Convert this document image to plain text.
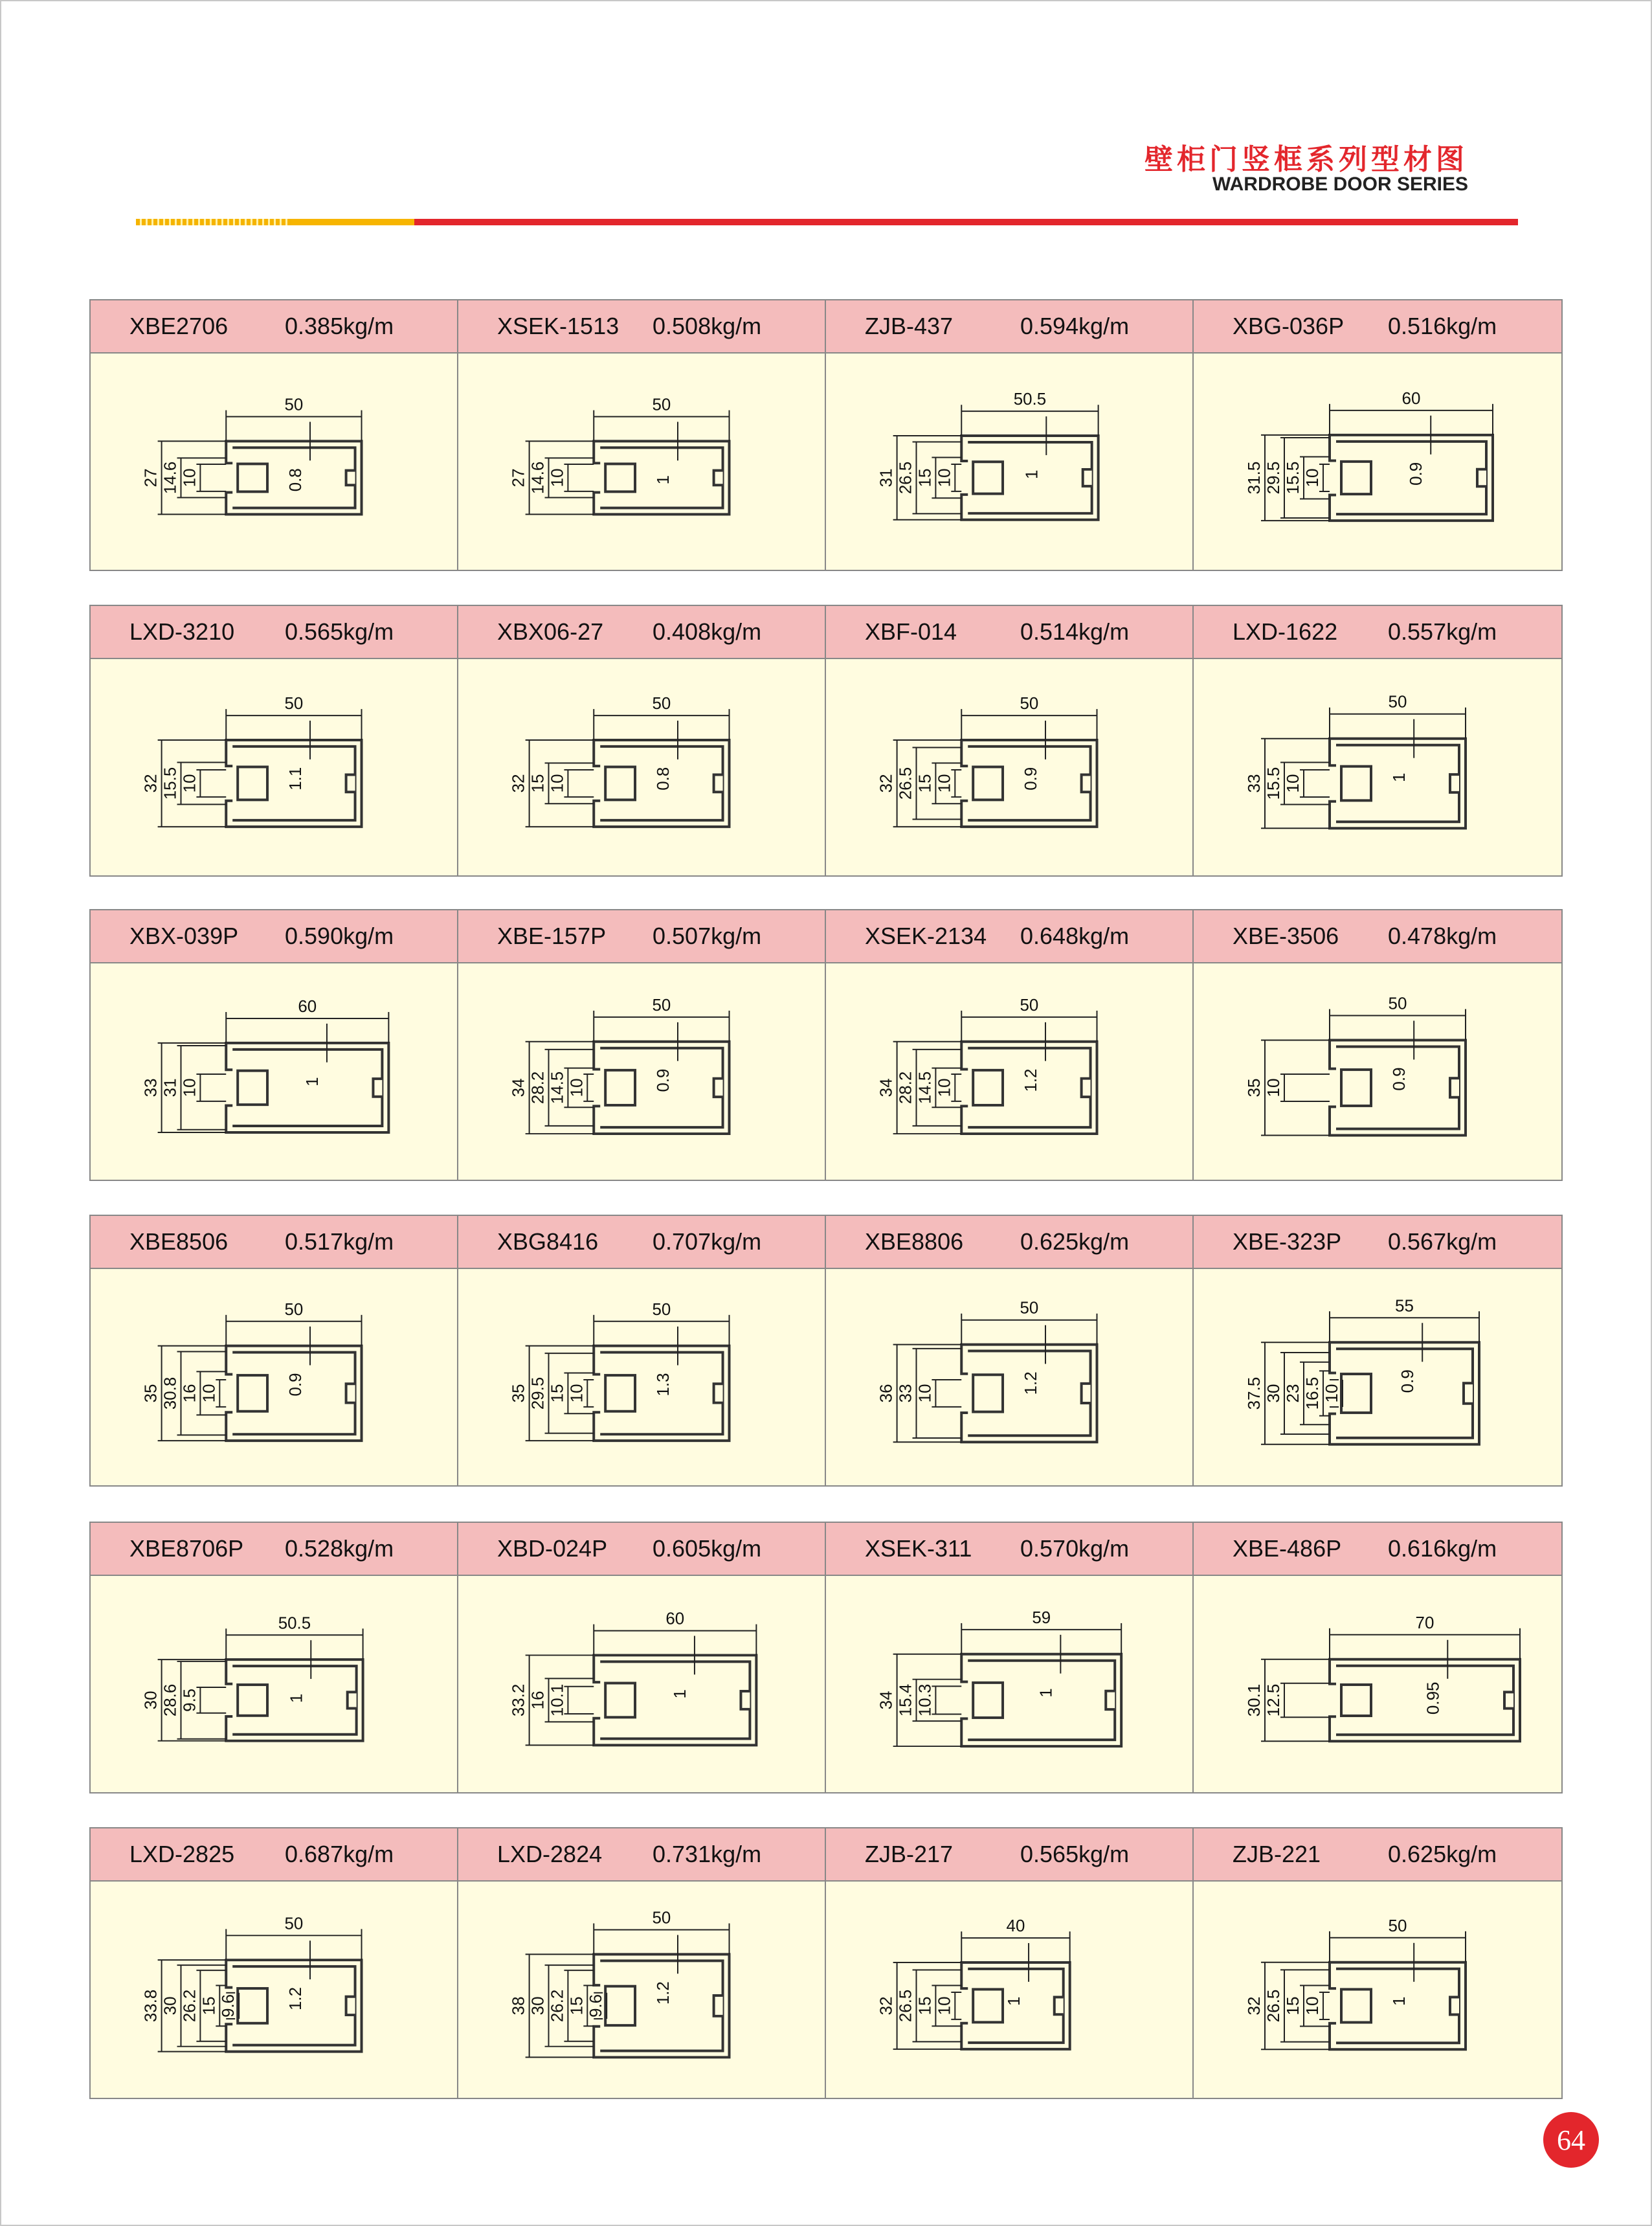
壁柜门竖框系列型材图
WARDROBE DOOR SERIES
XBE2706	0.385kg/m
50
0.8
27 14.6 10
XSEK-1513	0.508kg/m
50
1
27 14.6 10
ZJB-437	0.594kg/m
50.5
1
31 26.5 15 10
XBG-036P	0.516kg/m
60
0.9
31.5 29.5 15.5 10
LXD-3210	0.565kg/m
50
1.1
32 15.5 10
XBX06-27	0.408kg/m
50
0.8
32 15 10
XBF-014	0.514kg/m
50
0.9
32 26.5 15 10
LXD-1622	0.557kg/m
50
1
33 15.5 10
XBX-039P	0.590kg/m
60
1
33 31 10
XBE-157P	0.507kg/m
50
0.9
34 28.2 14.5 10
XSEK-2134	0.648kg/m
50
1.2
34 28.2 14.5 10
XBE-3506	0.478kg/m
50
0.9
35 10
XBE8506	0.517kg/m
50
0.9
35 30.8 16 10
XBG8416	0.707kg/m
50
1.3
35 29.5 15 10
XBE8806	0.625kg/m
50
1.2
36 33 10
XBE-323P	0.567kg/m
55
0.9
37.5 30 23 16.5 10
XBE8706P	0.528kg/m
50.5
1
30 28.6 9.5
XBD-024P	0.605kg/m
60
1
33.2 16 10.1
XSEK-311	0.570kg/m
59
1
34 15.4 10.3
XBE-486P	0.616kg/m
70
0.95
30.1 12.5
LXD-2825	0.687kg/m
50
1.2
33.8 30 26.2 15 9.6
LXD-2824	0.731kg/m
50
1.2
38 30 26.2 15 9.6
ZJB-217	0.565kg/m
40
1
32 26.5 15 10
ZJB-221	0.625kg/m
50
1
32 26.5 15 10
64
